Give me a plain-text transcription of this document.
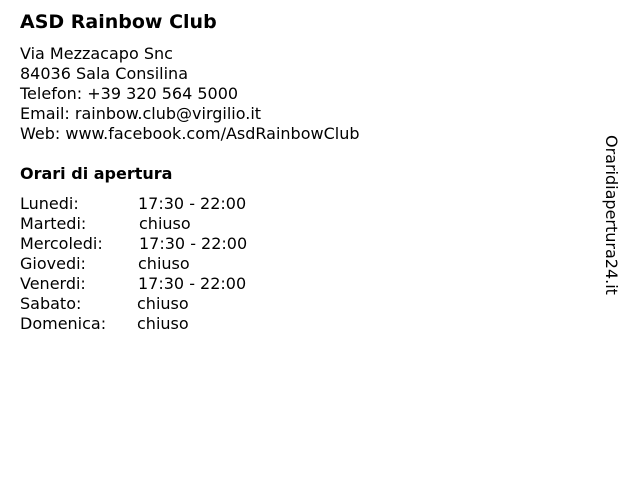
ASD Rainbow Club
Via Mezzacapo Snc
84036 Sala Consilina
Telefon: +39 320 564 5000
Email: rainbow.club@virgilio.it
Web: www.facebook.com/AsdRainbowClub
Orari di apertura
Lunedi:	17:30 - 22:00
Martedi:	chiuso
Mercoledi: 17:30 - 22:00
Giovedi:	chiuso
Venerdi:	17:30 - 22:00
Sabato:	chiuso
Domenica: chiuso
Oraridiapertura24.it
